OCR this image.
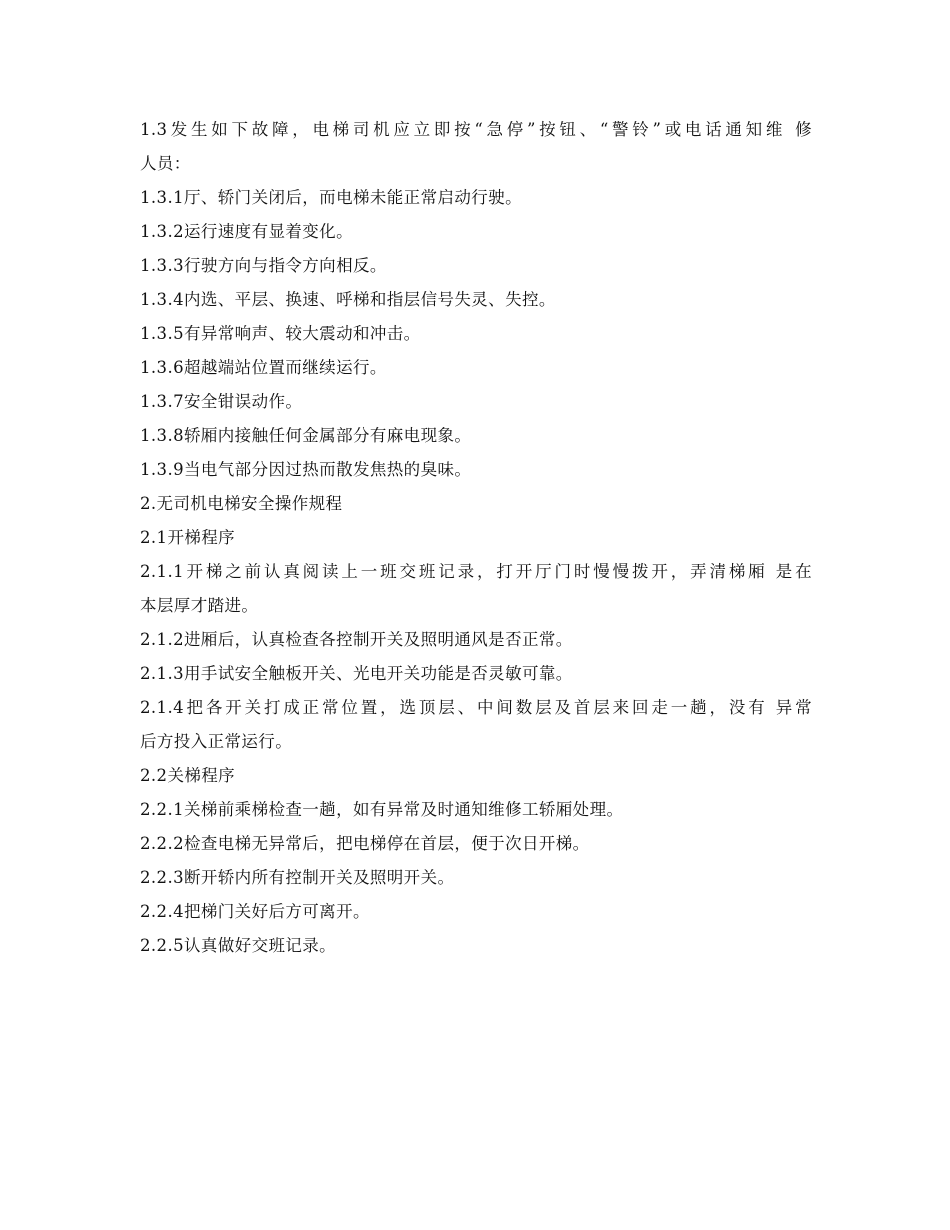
1.3发生如下故障，电梯司机应立即按“急停”按钮、“警铃”或电话通知维 修
人员：
1.3.1厅、轿门关闭后，而电梯未能正常启动行驶。
1.3.2运行速度有显着变化。
1.3.3行驶方向与指令方向相反。
1.3.4内选、平层、换速、呼梯和指层信号失灵、失控。
1.3.5有异常响声、较大震动和冲击。
1.3.6超越端站位置而继续运行。
1.3.7安全钳误动作。
1.3.8轿厢内接触任何金属部分有麻电现象。
1.3.9当电气部分因过热而散发焦热的臭味。
2.无司机电梯安全操作规程
2.1开梯程序
2.1.1开梯之前认真阅读上一班交班记录，打开厅门时慢慢拨开，弄清梯厢 是在
本层厚才踏进。
2.1.2进厢后，认真检查各控制开关及照明通风是否正常。
2.1.3用手试安全触板开关、光电开关功能是否灵敏可靠。
2.1.4把各开关打成正常位置，选顶层、中间数层及首层来回走一趟，没有 异常
后方投入正常运行。
2.2关梯程序
2.2.1关梯前乘梯检查一趟，如有异常及时通知维修工轿厢处理。
2.2.2检查电梯无异常后，把电梯停在首层，便于次日开梯。
2.2.3断开轿内所有控制开关及照明开关。
2.2.4把梯门关好后方可离开。
2.2.5认真做好交班记录。
